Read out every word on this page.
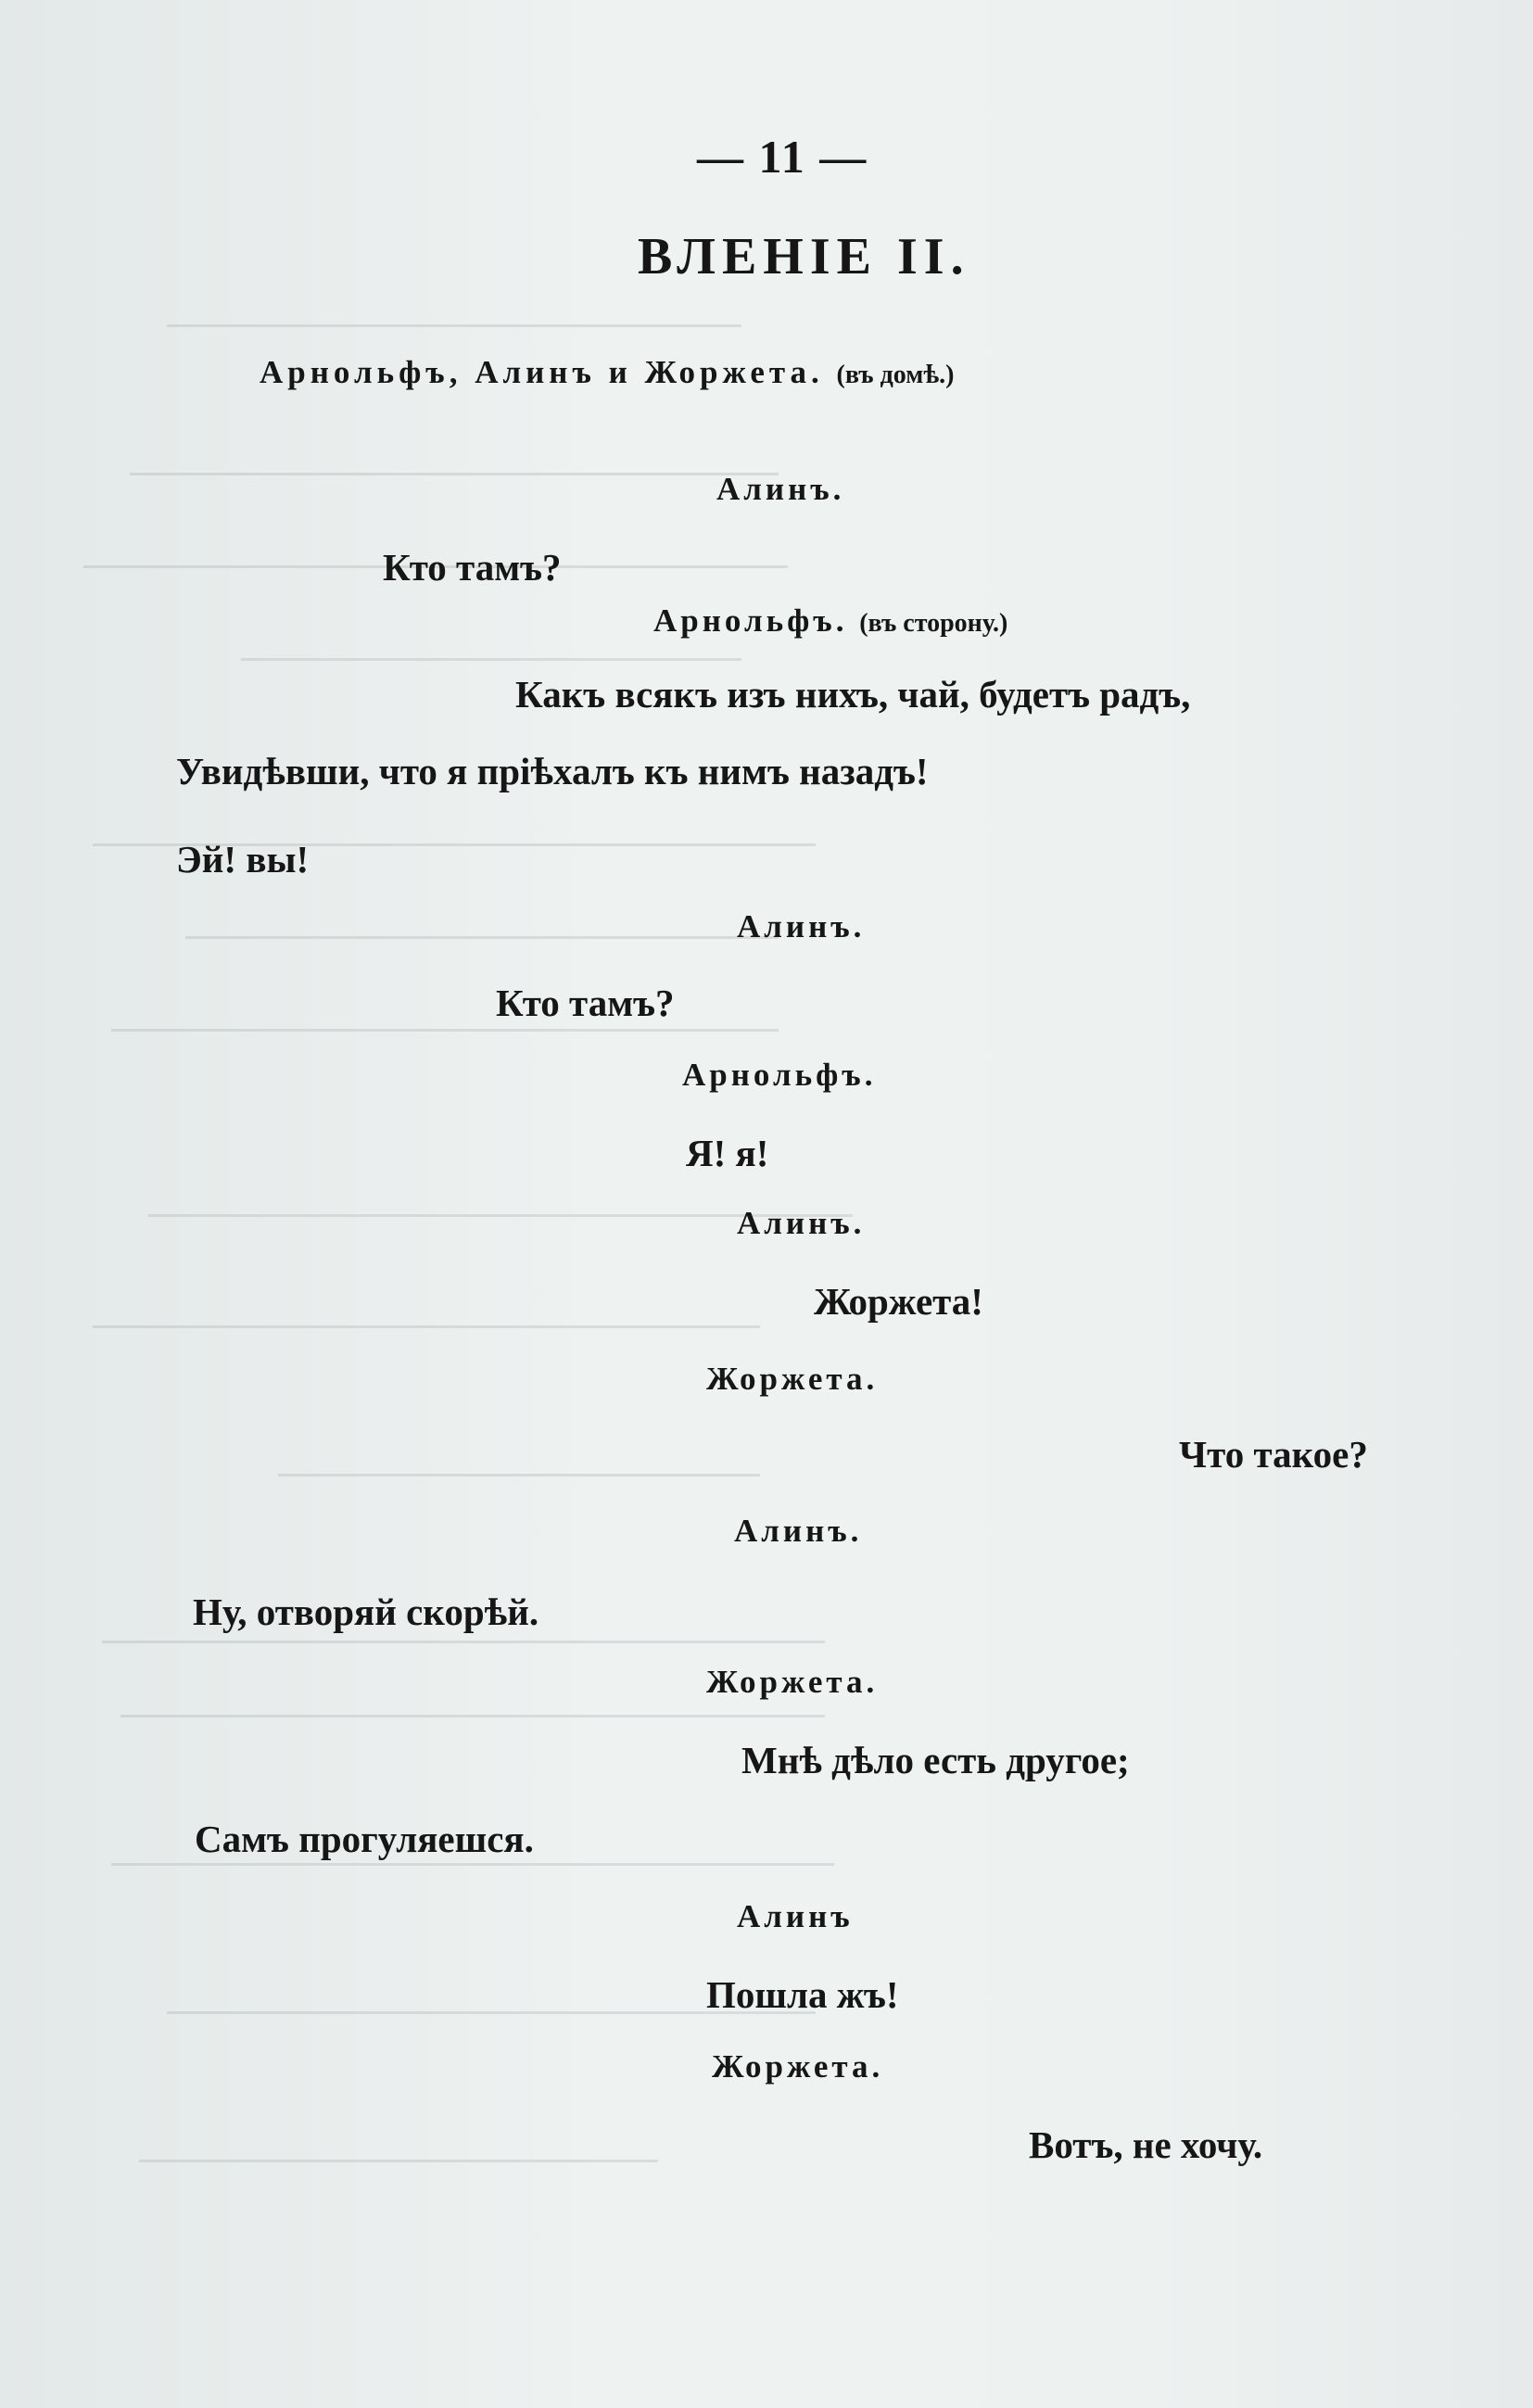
— 11 —
ВЛЕНIЕ II.
Арнольфъ, Алинъ и Жоржета. (въ домѣ.)
Алинъ.
Кто тамъ?
Арнольфъ. (въ сторону.)
Какъ всякъ изъ нихъ, чай, будетъ радъ,
Увидѣвши, что я прiѣхалъ къ нимъ назадъ!
Эй! вы!
Алинъ.
Кто тамъ?
Арнольфъ.
Я! я!
Алинъ.
Жоржета!
Жоржета.
Что такое?
Алинъ.
Ну, отворяй скорѣй.
Жоржета.
Мнѣ дѣло есть другое;
Самъ прогуляешся.
Алинъ
Пошла жъ!
Жоржета.
Вотъ, не хочу.
